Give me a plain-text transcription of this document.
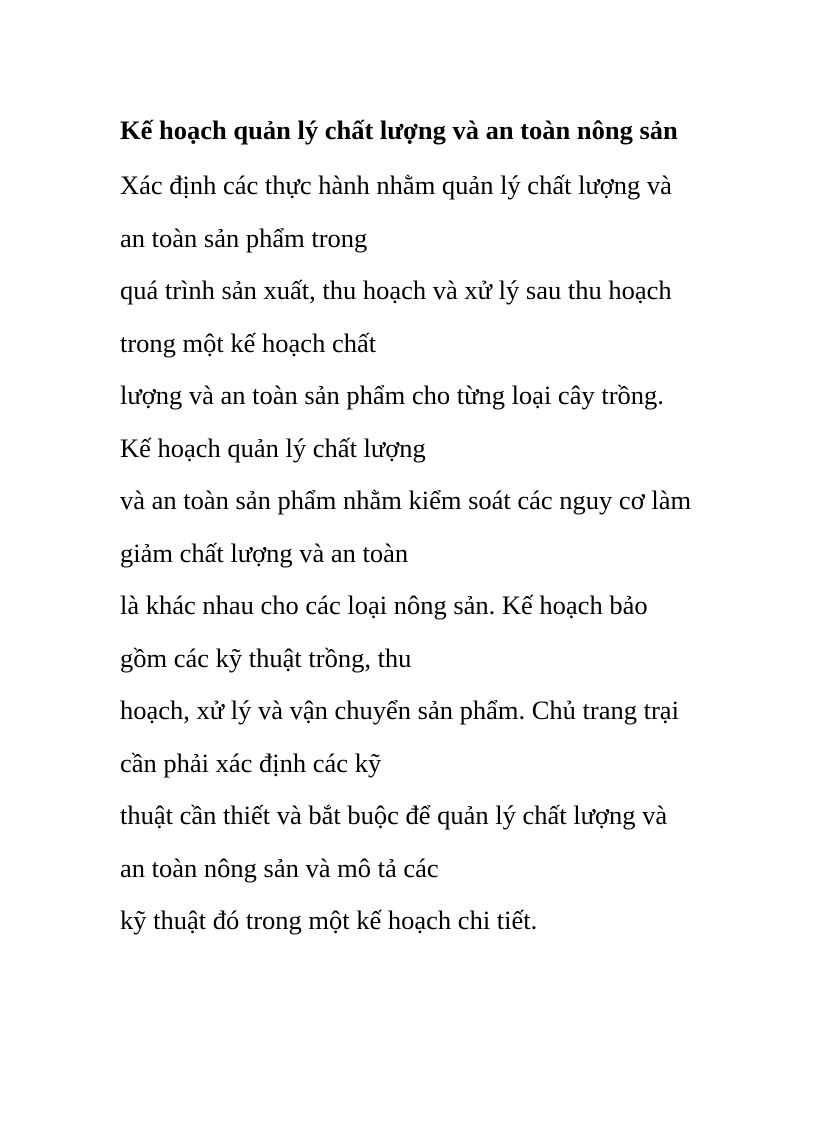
Kế hoạch quản lý chất lượng và an toàn nông sản

Xác định các thực hành nhằm quản lý chất lượng và
an toàn sản phẩm trong

quá trình sản xuất, thu hoạch và xử lý sau thu hoạch
trong một kế hoạch chất

lượng và an toàn sản phẩm cho từng loại cây trồng.
Kế hoạch quản lý chất lượng

và an toàn sản phẩm nhằm kiểm soát các nguy cơ làm
giảm chất lượng và an toàn

là khác nhau cho các loại nông sản. Kế hoạch bảo
gồm các kỹ thuật trồng, thu

hoạch, xử lý và vận chuyển sản phẩm. Chủ trang trại
cần phải xác định các kỹ

thuật cần thiết và bắt buộc để quản lý chất lượng và
an toàn nông sản và mô tả các

kỹ thuật đó trong một kế hoạch chi tiết.
